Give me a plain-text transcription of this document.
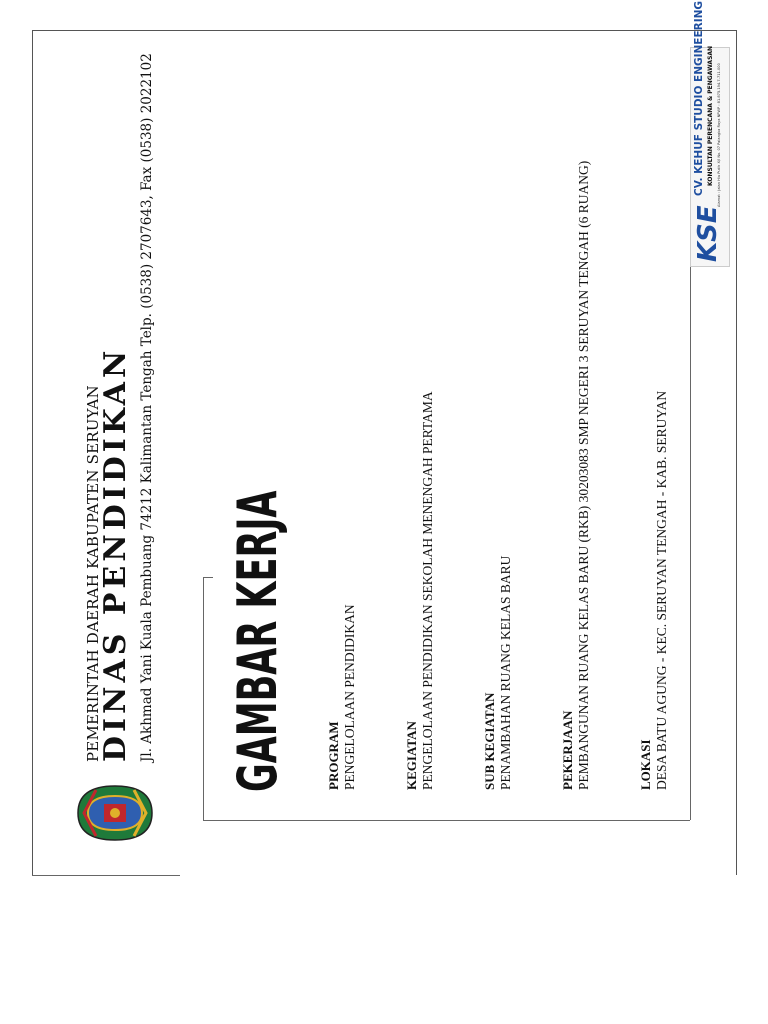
PEMERINTAH DAERAH KABUPATEN SERUYAN
DINAS PENDIDIKAN Jl. Akhmad Yani Kuala Pembuang 74212 Kalimantan Tengah Telp. (0538) 2707643, Fax (0538) 2022102 GAMBAR KERJA	PROGRAM PENGELOLAAN PENDIDIKAN	KEGIATAN PENGELOLAAN PENDIDIKAN SEKOLAH MENENGAH PERTAMA	SUB KEGIATAN PENAMBAHAN RUANG KELAS BARU	PEKERJAAN PEMBANGUNAN RUANG KELAS BARU (RKB) 30203083 SMP NEGERI 3 SERUYAN TENGAH (6 RUANG)	LOKASI DESA BATU AGUNG - KEC. SERUYAN TENGAH - KAB. SERUYAN
KSE
CV. KEHUF STUDIO ENGINEERING KONSULTAN PERENCANA & PENGAWASAN Alamat : Jalan Hiu Putih X/I No. 07 Palangka Raya NPWP : 81.875.194.7-711.000
